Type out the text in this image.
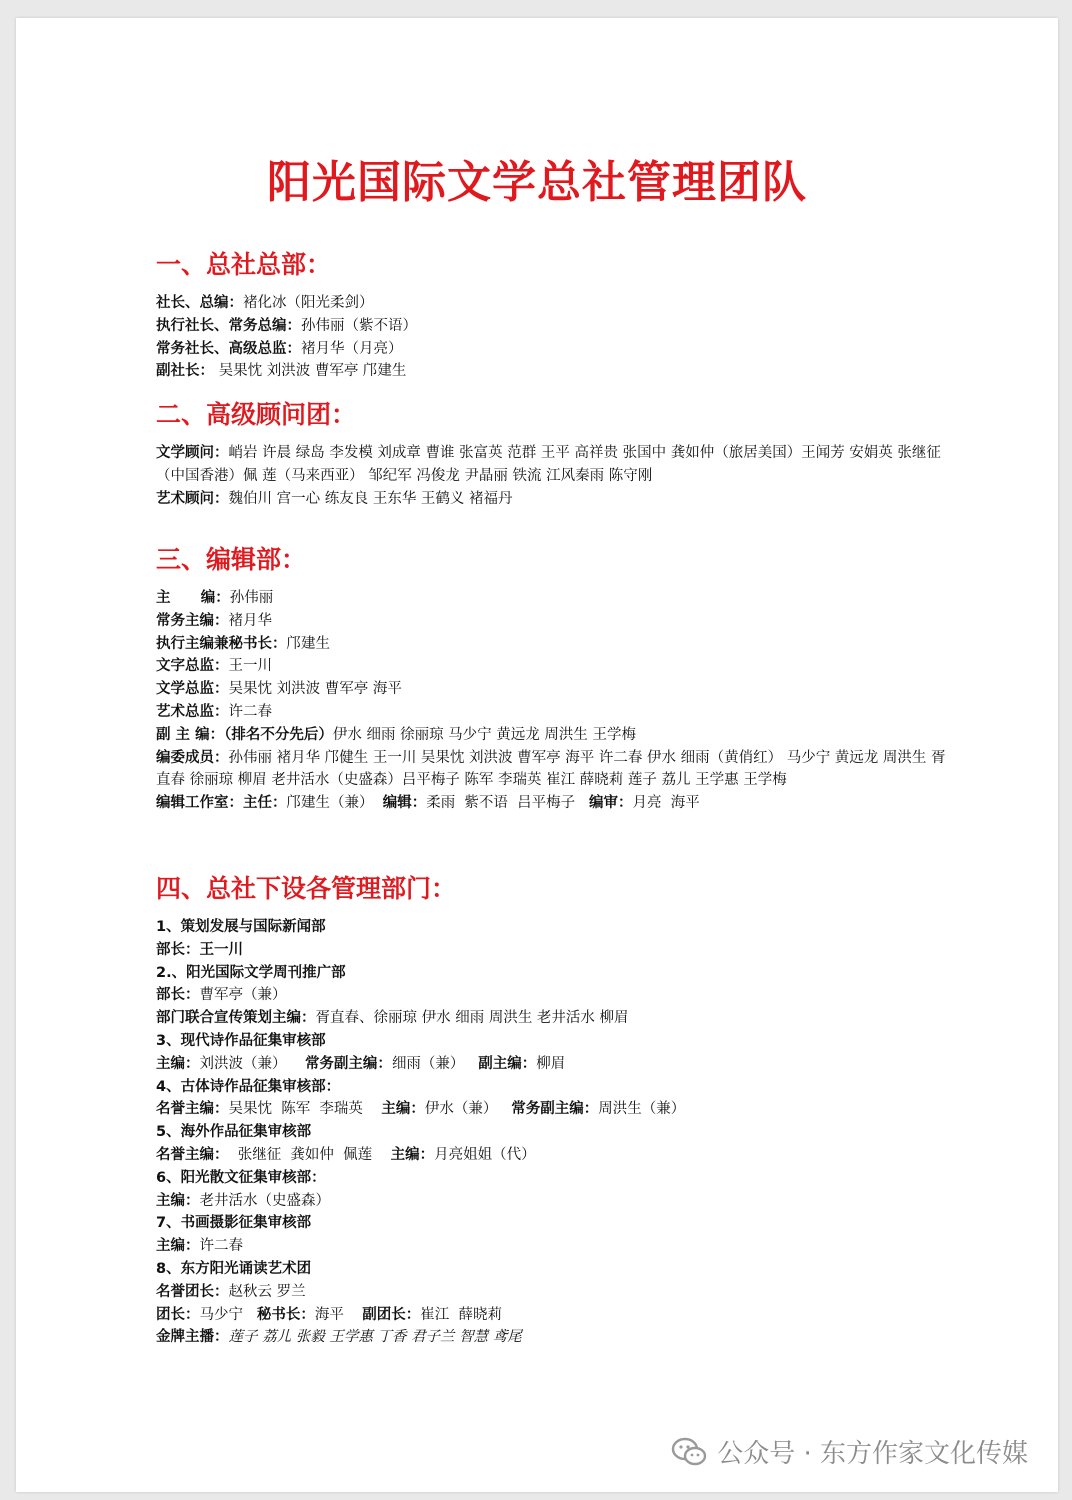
阳光国际文学总社管理团队
一、总社总部：
社长、总编：褚化冰（阳光柔剑）
执行社长、常务总编：孙伟丽（紫不语）
常务社长、高级总监：褚月华（月亮）
副社长： 吴果忱 刘洪波 曹军亭 邝建生
二、高级顾问团：
文学顾问：峭岩 许晨 绿岛 李发模 刘成章 曹谁 张富英 范群 王平 高祥贵 张国中 龚如仲（旅居美国）王闻芳 安娟英 张继征（中国香港）佩 莲（马来西亚） 邹纪军 冯俊龙 尹晶丽 铁流 江风秦雨 陈守刚
艺术顾问：魏伯川 宫一心 练友良 王东华 王鹤义 褚福丹
三、编辑部：
主      编：孙伟丽
常务主编：褚月华
执行主编兼秘书长：邝建生
文字总监：王一川
文学总监：吴果忱 刘洪波 曹军亭 海平
艺术总监：许二春
副 主 编：（排名不分先后）伊水 细雨 徐丽琼 马少宁 黄远龙 周洪生 王学梅
编委成员：孙伟丽 褚月华 邝健生 王一川 吴果忱 刘洪波 曹军亭 海平 许二春 伊水 细雨（黄俏红） 马少宁 黄远龙 周洪生 胥直春 徐丽琼 柳眉 老井活水（史盛森）吕平梅子 陈军 李瑞英 崔江 薛晓莉 莲子 荔儿 王学惠 王学梅
编辑工作室：主任：邝建生（兼）  编辑：柔雨  紫不语  吕平梅子   编审：月亮  海平
四、总社下设各管理部门：
1、策划发展与国际新闻部
部长：王一川
2.、阳光国际文学周刊推广部
部长：曹军亭（兼）
部门联合宣传策划主编：胥直春、徐丽琼 伊水 细雨 周洪生 老井活水 柳眉
3、现代诗作品征集审核部
主编：刘洪波（兼）    常务副主编：细雨（兼）   副主编：柳眉
4、古体诗作品征集审核部：
名誉主编：吴果忱  陈军  李瑞英    主编：伊水（兼）   常务副主编：周洪生（兼）
5、海外作品征集审核部
名誉主编：  张继征  龚如仲  佩莲    主编：月亮姐姐（代）
6、阳光散文征集审核部：
主编：老井活水（史盛森）
7、书画摄影征集审核部
主编：许二春
8、东方阳光诵读艺术团
名誉团长：赵秋云 罗兰
团长：马少宁   秘书长：海平    副团长：崔江  薛晓莉
金牌主播：莲子 荔儿 张毅 王学惠 丁香 君子兰 智慧 鸢尾
公众号 · 东方作家文化传媒
